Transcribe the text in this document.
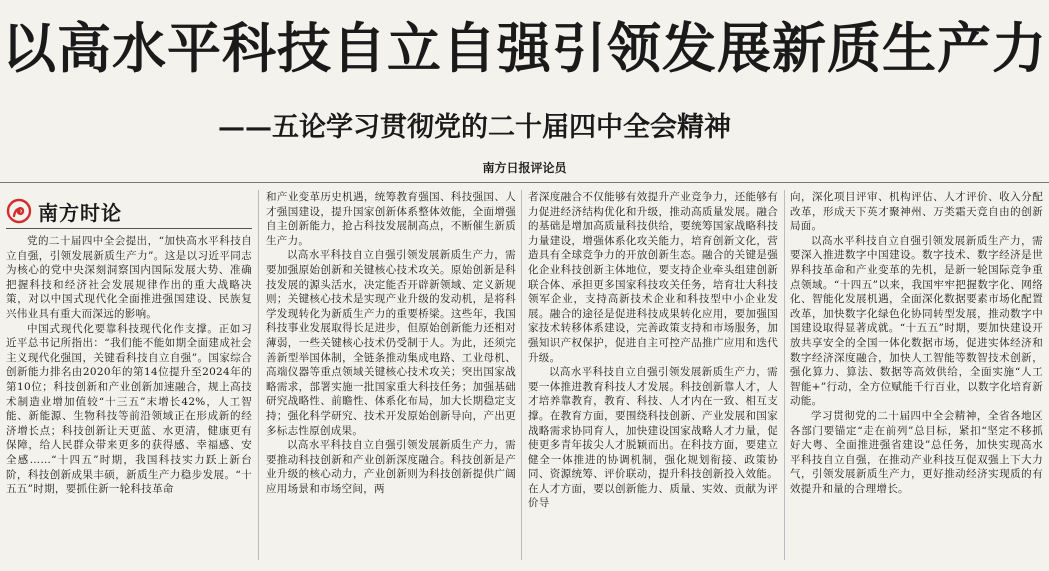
以高水平科技自立自强引领发展新质生产力
——五论学习贯彻党的二十届四中全会精神
南方日报评论员
南方时论

党的二十届四中全会提出，“加快高水平科技自立自强，引领发展新质生产力”。这是以习近平同志为核心的党中央深刻洞察国内国际发展大势、准确把握科技和经济社会发展规律作出的重大战略决策，对以中国式现代化全面推进强国建设、民族复兴伟业具有重大而深远的影响。

中国式现代化要靠科技现代化作支撑。正如习近平总书记所指出：“我们能不能如期全面建成社会主义现代化强国，关键看科技自立自强”。国家综合创新能力排名由2020年的第14位提升至2024年的第10位；科技创新和产业创新加速融合，规上高技术制造业增加值较“十三五”末增长42%，人工智能、新能源、生物科技等前沿领域正在形成新的经济增长点；科技创新让天更蓝、水更清，健康更有保障，给人民群众带来更多的获得感、幸福感、安全感……“十四五”时期，我国科技实力跃上新台阶，科技创新成果丰硕，新质生产力稳步发展。“十五五”时期，要抓住新一轮科技革命

和产业变革历史机遇，统筹教育强国、科技强国、人才强国建设，提升国家创新体系整体效能，全面增强自主创新能力，抢占科技发展制高点，不断催生新质生产力。

以高水平科技自立自强引领发展新质生产力，需要加强原始创新和关键核心技术攻关。原始创新是科技发展的源头活水，决定能否开辟新领域、定义新规则；关键核心技术是实现产业升级的发动机，是将科学发现转化为新质生产力的重要桥梁。这些年，我国科技事业发展取得长足进步，但原始创新能力还相对薄弱，一些关键核心技术仍受制于人。为此，还须完善新型举国体制，全链条推动集成电路、工业母机、高端仪器等重点领域关键核心技术攻关；突出国家战略需求，部署实施一批国家重大科技任务；加强基础研究战略性、前瞻性、体系化布局，加大长期稳定支持；强化科学研究、技术开发原始创新导向，产出更多标志性原创成果。

以高水平科技自立自强引领发展新质生产力，需要推动科技创新和产业创新深度融合。科技创新是产业升级的核心动力，产业创新则为科技创新提供广阔应用场景和市场空间，两

者深度融合不仅能够有效提升产业竞争力，还能够有力促进经济结构优化和升级，推动高质量发展。融合的基础是增加高质量科技供给，要统筹国家战略科技力量建设，增强体系化攻关能力，培育创新文化，营造具有全球竞争力的开放创新生态。融合的关键是强化企业科技创新主体地位，要支持企业牵头组建创新联合体、承担更多国家科技攻关任务，培育壮大科技领军企业，支持高新技术企业和科技型中小企业发展。融合的途径是促进科技成果转化应用，要加强国家技术转移体系建设，完善政策支持和市场服务，加强知识产权保护，促进自主可控产品推广应用和迭代升级。

以高水平科技自立自强引领发展新质生产力，需要一体推进教育科技人才发展。科技创新靠人才，人才培养靠教育，教育、科技、人才内在一致、相互支撑。在教育方面，要围绕科技创新、产业发展和国家战略需求协同育人，加快建设国家战略人才力量，促使更多青年拔尖人才脱颖而出。在科技方面，要建立健全一体推进的协调机制，强化规划衔接、政策协同、资源统筹、评价联动，提升科技创新投入效能。在人才方面，要以创新能力、质量、实效、贡献为评价导

向，深化项目评审、机构评估、人才评价、收入分配改革，形成天下英才聚神州、万类霜天竞自由的创新局面。

以高水平科技自立自强引领发展新质生产力，需要深入推进数字中国建设。数字技术、数字经济是世界科技革命和产业变革的先机，是新一轮国际竞争重点领域。“十四五”以来，我国牢牢把握数字化、网络化、智能化发展机遇，全面深化数据要素市场化配置改革，加快数字化绿色化协同转型发展，推动数字中国建设取得显著成就。“十五五”时期，要加快建设开放共享安全的全国一体化数据市场，促进实体经济和数字经济深度融合，加快人工智能等数智技术创新，强化算力、算法、数据等高效供给，全面实施“人工智能+”行动，全方位赋能千行百业，以数字化培育新动能。

学习贯彻党的二十届四中全会精神，全省各地区各部门要锚定“走在前列”总目标，紧扣“坚定不移抓好大粤、全面推进强省建设”总任务，加快实现高水平科技自立自强，在推动产业科技互促双强上下大力气，引领发展新质生产力，更好推动经济实现质的有效提升和量的合理增长。
